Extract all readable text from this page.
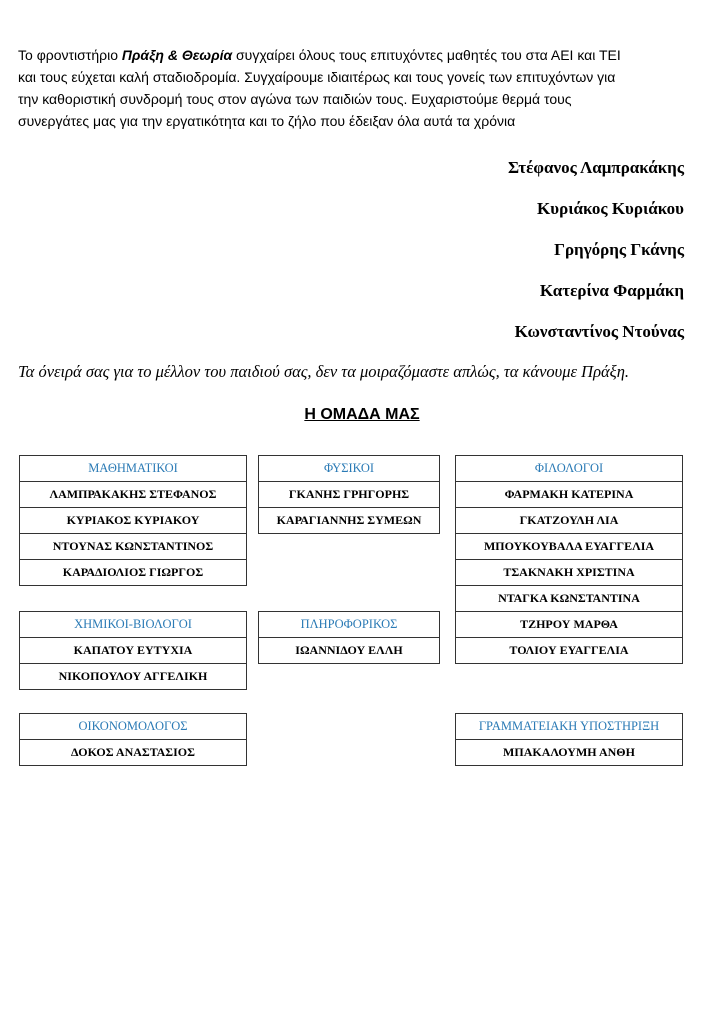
Το φροντιστήριο Πράξη & Θεωρία συγχαίρει όλους τους επιτυχόντες μαθητές του στα ΑΕΙ και ΤΕΙ
και τους εύχεται καλή σταδιοδρομία. Συγχαίρουμε ιδιαιτέρως και τους γονείς των επιτυχόντων για
την καθοριστική συνδρομή τους στον αγώνα των παιδιών τους. Ευχαριστούμε θερμά τους
συνεργάτες μας για την εργατικότητα και το ζήλο που έδειξαν όλα αυτά τα χρόνια
Στέφανος Λαμπρακάκης
Κυριάκος Κυριάκου
Γρηγόρης Γκάνης
Κατερίνα Φαρμάκη
Κωνσταντίνος Ντούνας
Τα όνειρά σας για το μέλλον του παιδιού σας, δεν τα μοιραζόμαστε απλώς, τα κάνουμε Πράξη.
Η ΟΜΑΔΑ ΜΑΣ
ΜΑΘΗΜΑΤΙΚΟΙ
ΛΑΜΠΡΑΚΑΚΗΣ ΣΤΕΦΑΝΟΣ
ΚΥΡΙΑΚΟΣ ΚΥΡΙΑΚΟΥ
ΝΤΟΥΝΑΣ ΚΩΝΣΤΑΝΤΙΝΟΣ
ΚΑΡΑΔΙΟΛΙΟΣ ΓΙΩΡΓΟΣ
ΦΥΣΙΚΟΙ
ΓΚΑΝΗΣ ΓΡΗΓΟΡΗΣ
ΚΑΡΑΓΙΑΝΝΗΣ ΣΥΜΕΩΝ
ΦΙΛΟΛΟΓΟΙ
ΦΑΡΜΑΚΗ ΚΑΤΕΡΙΝΑ
ΓΚΑΤΖΟΥΛΗ ΛΙΑ
ΜΠΟΥΚΟΥΒΑΛΑ ΕΥΑΓΓΕΛΙΑ
ΤΣΑΚΝΑΚΗ ΧΡΙΣΤΙΝΑ
ΝΤΑΓΚΑ ΚΩΝΣΤΑΝΤΙΝΑ
ΤΖΗΡΟΥ ΜΑΡΘΑ
ΤΟΛΙΟΥ ΕΥΑΓΓΕΛΙΑ
ΧΗΜΙΚΟΙ-ΒΙΟΛΟΓΟΙ
ΚΑΠΑΤΟΥ ΕΥΤΥΧΙΑ
ΝΙΚΟΠΟΥΛΟΥ ΑΓΓΕΛΙΚΗ
ΠΛΗΡΟΦΟΡΙΚΟΣ
ΙΩΑΝΝΙΔΟΥ ΕΛΛΗ
ΟΙΚΟΝΟΜΟΛΟΓΟΣ
ΔΟΚΟΣ ΑΝΑΣΤΑΣΙΟΣ
ΓΡΑΜΜΑΤΕΙΑΚΗ ΥΠΟΣΤΗΡΙΞΗ
ΜΠΑΚΑΛΟΥΜΗ ΑΝΘΗ
